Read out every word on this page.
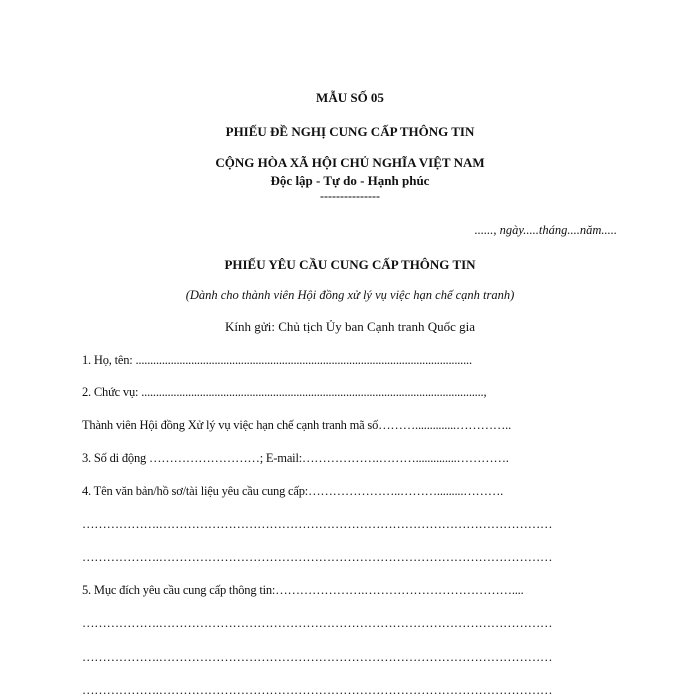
MẪU SỐ 05
PHIẾU ĐỀ NGHỊ CUNG CẤP THÔNG TIN
CỘNG HÒA XÃ HỘI CHỦ NGHĨA VIỆT NAM
Độc lập - Tự do - Hạnh phúc
---------------
......, ngày.....tháng....năm.....
PHIẾU YÊU CẦU CUNG CẤP THÔNG TIN
(Dành cho thành viên Hội đồng xử lý vụ việc hạn chế cạnh tranh)
Kính gửi: Chủ tịch Ủy ban Cạnh tranh Quốc gia
1. Họ, tên: ...................................................................................................................
2. Chức vụ: .....................................................................................................................,
Thành viên Hội đồng Xử lý vụ việc hạn chế cạnh tranh mã số………..............…………..
3. Số di động ………………………; E-mail:……………….………..............………….
4. Tên văn bản/hồ sơ/tài liệu yêu cầu cung cấp:…………………..……….........……….
……………….……………………………………………………………………………………
……………….……………………………………………………………………………………
5. Mục đích yêu cầu cung cấp thông tin:………………….………………………………....
……………….……………………………………………………………………………………
……………….……………………………………………………………………………………
……………….……………………………………………………………………………………
